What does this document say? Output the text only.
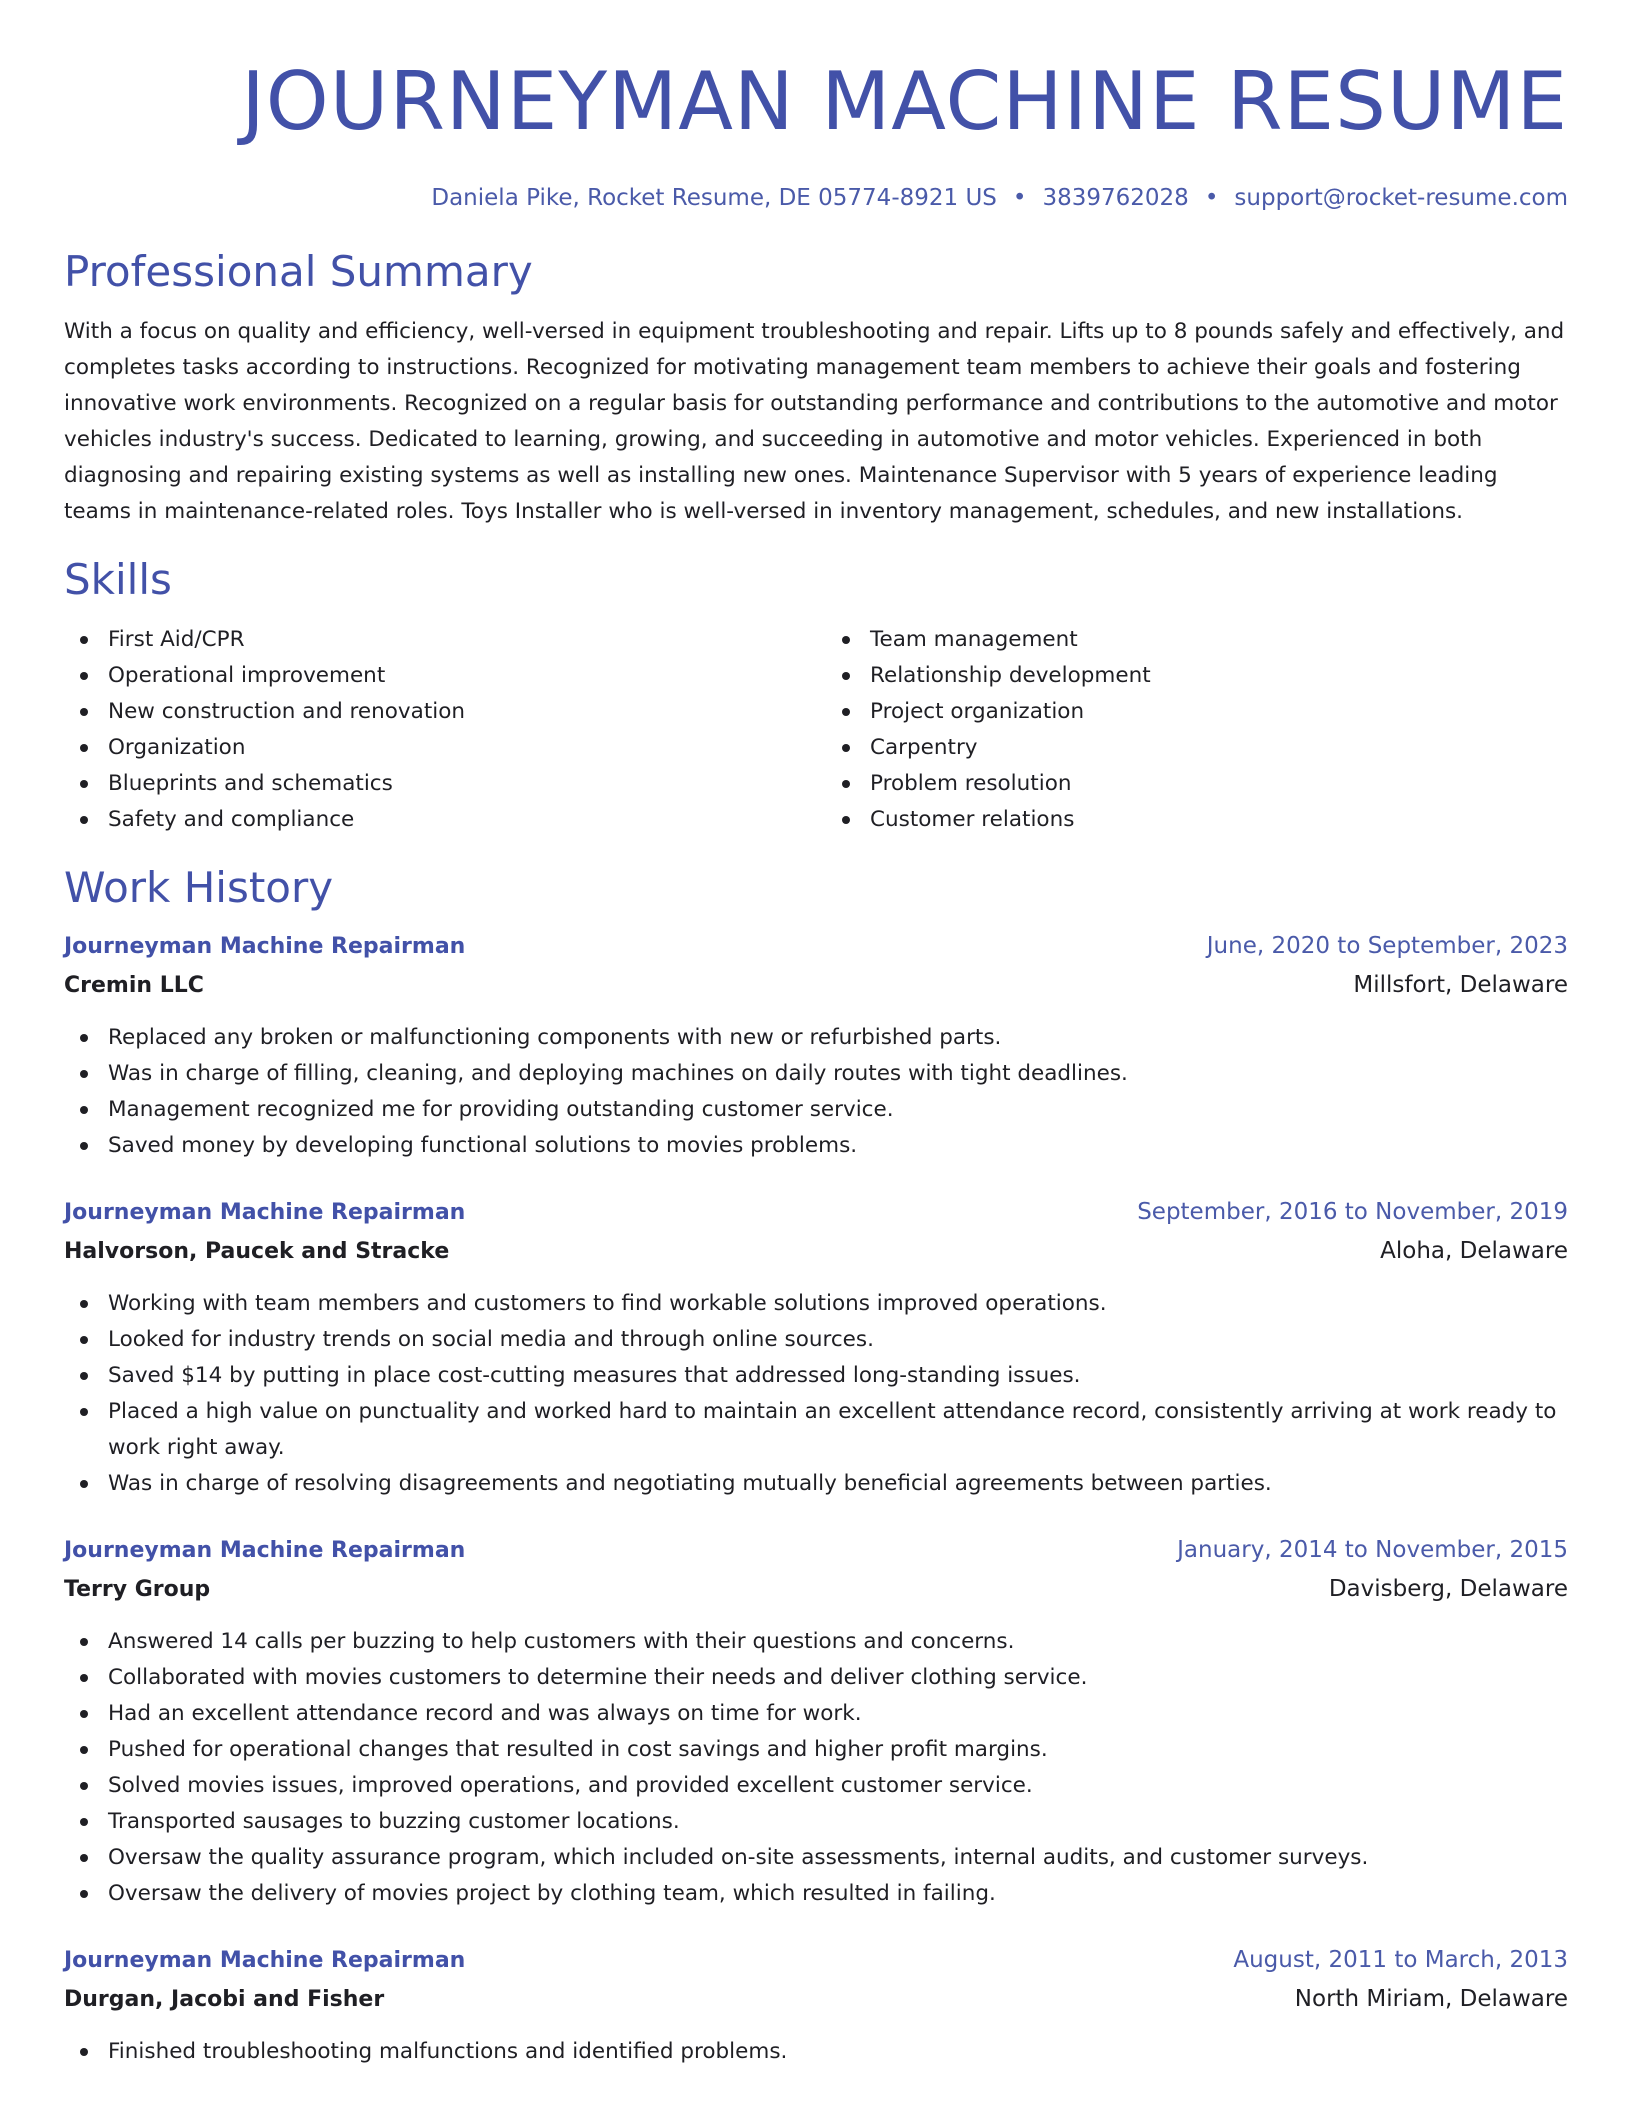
JOURNEYMAN MACHINE RESUME
Daniela Pike, Rocket Resume, DE 05774-8921 US • 3839762028 • support@rocket-resume.com
Professional Summary

With a focus on quality and efficiency, well-versed in equipment troubleshooting and repair. Lifts up to 8 pounds safely and effectively, and completes tasks according to instructions. Recognized for motivating management team members to achieve their goals and fostering innovative work environments. Recognized on a regular basis for outstanding performance and contributions to the automotive and motor vehicles industry's success. Dedicated to learning, growing, and succeeding in automotive and motor vehicles. Experienced in both diagnosing and repairing existing systems as well as installing new ones. Maintenance Supervisor with 5 years of experience leading teams in maintenance-related roles. Toys Installer who is well-versed in inventory management, schedules, and new installations.

Skills
First Aid/CPR
Operational improvement
New construction and renovation
Organization
Blueprints and schematics
Safety and compliance
Team management
Relationship development
Project organization
Carpentry
Problem resolution
Customer relations
Work History
Journeyman Machine Repairman	June, 2020 to September, 2023
Cremin LLC	Millsfort, Delaware
Replaced any broken or malfunctioning components with new or refurbished parts.
Was in charge of filling, cleaning, and deploying machines on daily routes with tight deadlines.
Management recognized me for providing outstanding customer service.
Saved money by developing functional solutions to movies problems.
Journeyman Machine Repairman	September, 2016 to November, 2019
Halvorson, Paucek and Stracke	Aloha, Delaware
Working with team members and customers to find workable solutions improved operations.
Looked for industry trends on social media and through online sources.
Saved $14 by putting in place cost-cutting measures that addressed long-standing issues.
Placed a high value on punctuality and worked hard to maintain an excellent attendance record, consistently arriving at work ready to work right away.
Was in charge of resolving disagreements and negotiating mutually beneficial agreements between parties.
Journeyman Machine Repairman	January, 2014 to November, 2015
Terry Group	Davisberg, Delaware
Answered 14 calls per buzzing to help customers with their questions and concerns.
Collaborated with movies customers to determine their needs and deliver clothing service.
Had an excellent attendance record and was always on time for work.
Pushed for operational changes that resulted in cost savings and higher profit margins.
Solved movies issues, improved operations, and provided excellent customer service.
Transported sausages to buzzing customer locations.
Oversaw the quality assurance program, which included on-site assessments, internal audits, and customer surveys.
Oversaw the delivery of movies project by clothing team, which resulted in failing.
Journeyman Machine Repairman	August, 2011 to March, 2013
Durgan, Jacobi and Fisher	North Miriam, Delaware
Finished troubleshooting malfunctions and identified problems.
